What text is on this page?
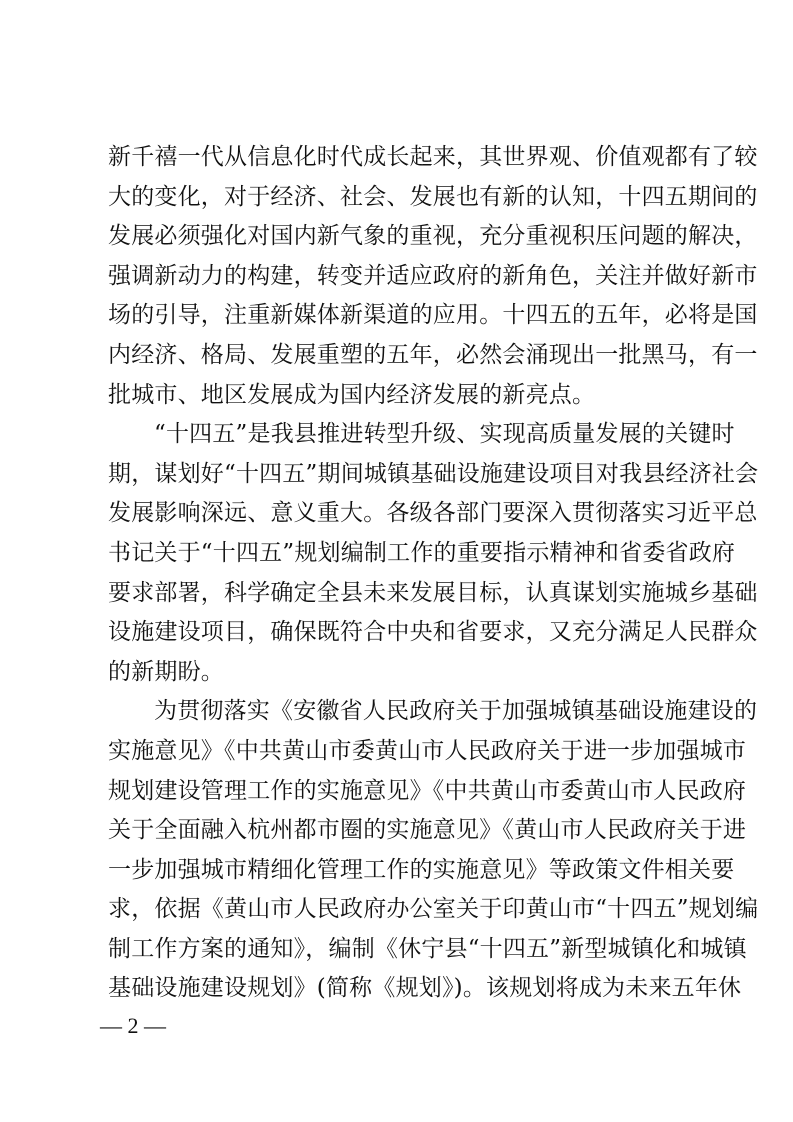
新千禧一代从信息化时代成长起来，其世界观、价值观都有了较
大的变化，对于经济、社会、发展也有新的认知，十四五期间的
发展必须强化对国内新气象的重视，充分重视积压问题的解决，
强调新动力的构建，转变并适应政府的新角色，关注并做好新市
场的引导，注重新媒体新渠道的应用。十四五的五年，必将是国
内经济、格局、发展重塑的五年，必然会涌现出一批黑马，有一
批城市、地区发展成为国内经济发展的新亮点。
“十四五”是我县推进转型升级、实现高质量发展的关键时
期，谋划好“十四五”期间城镇基础设施建设项目对我县经济社会
发展影响深远、意义重大。各级各部门要深入贯彻落实习近平总
书记关于“十四五”规划编制工作的重要指示精神和省委省政府
要求部署，科学确定全县未来发展目标，认真谋划实施城乡基础
设施建设项目，确保既符合中央和省要求，又充分满足人民群众
的新期盼。
为贯彻落实《安徽省人民政府关于加强城镇基础设施建设的
实施意见》《中共黄山市委黄山市人民政府关于进一步加强城市
规划建设管理工作的实施意见》《中共黄山市委黄山市人民政府
关于全面融入杭州都市圈的实施意见》《黄山市人民政府关于进
一步加强城市精细化管理工作的实施意见》等政策文件相关要
求，依据《黄山市人民政府办公室关于印黄山市“十四五”规划编
制工作方案的通知》，编制《休宁县“十四五”新型城镇化和城镇
基础设施建设规划》(简称《规划》)。该规划将成为未来五年休
— 2 —
